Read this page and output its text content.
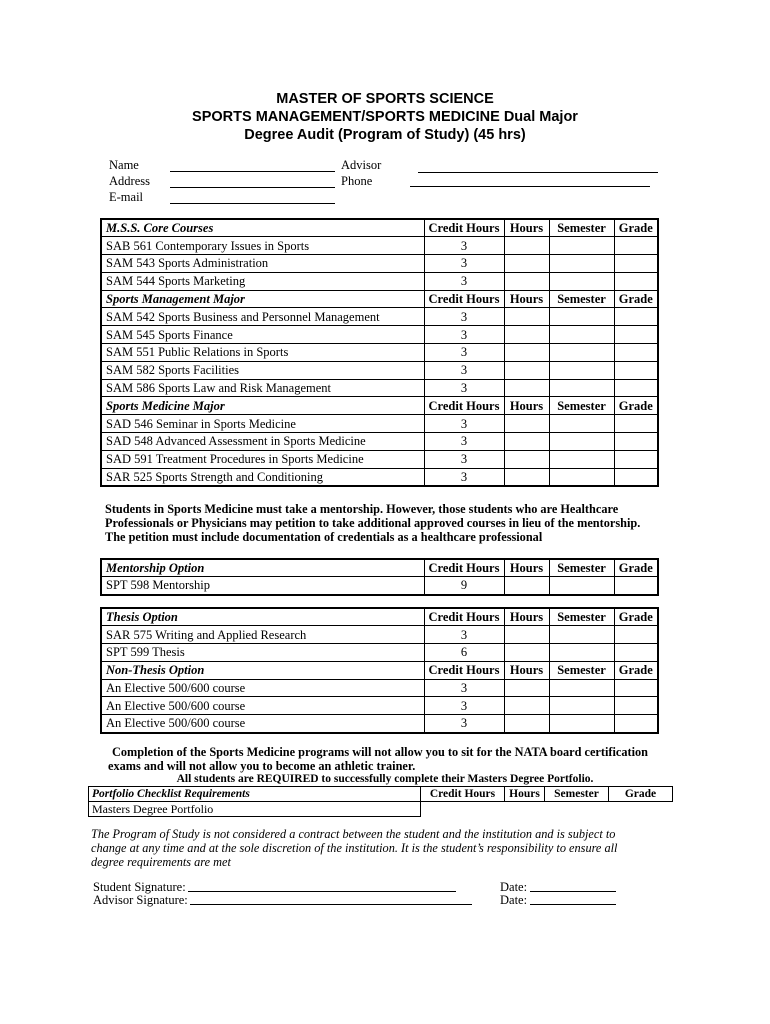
MASTER OF SPORTS SCIENCE
SPORTS MANAGEMENT/SPORTS MEDICINE Dual Major
Degree Audit (Program of Study) (45 hrs)
Name
Address
E-mail
Advisor
Phone
M.S.S. Core Courses	Credit Hours	Hours	Semester	Grade
SAB 561 Contemporary Issues in Sports	3			
SAM 543 Sports Administration	3			
SAM 544 Sports Marketing	3			
Sports Management Major	Credit Hours	Hours	Semester	Grade
SAM 542 Sports Business and Personnel Management	3			
SAM 545 Sports Finance	3			
SAM 551 Public Relations in Sports	3			
SAM 582 Sports Facilities	3			
SAM 586 Sports Law and Risk Management	3			
Sports Medicine Major	Credit Hours	Hours	Semester	Grade
SAD 546 Seminar in Sports Medicine	3			
SAD 548 Advanced Assessment in Sports Medicine	3			
SAD 591 Treatment Procedures in Sports Medicine	3			
SAR 525 Sports Strength and Conditioning	3			
Students in Sports Medicine must take a mentorship. However, those students who are Healthcare
Professionals or Physicians may petition to take additional approved courses in lieu of the mentorship.
The petition must include documentation of credentials as a healthcare professional
Mentorship Option	Credit Hours	Hours	Semester	Grade
SPT 598 Mentorship	9			
Thesis Option	Credit Hours	Hours	Semester	Grade
SAR 575 Writing and Applied Research	3			
SPT 599 Thesis	6			
Non-Thesis Option	Credit Hours	Hours	Semester	Grade
An Elective 500/600 course	3			
An Elective 500/600 course	3			
An Elective 500/600 course	3			
Completion of the Sports Medicine programs will not allow you to sit for the NATA board certification
exams and will not allow you to become an athletic trainer.
All students are REQUIRED to successfully complete their Masters Degree Portfolio.
Portfolio Checklist Requirements	Credit Hours	Hours	Semester	Grade
Masters Degree Portfolio				
The Program of Study is not considered a contract between the student and the institution and is subject to change at any time and at the sole discretion of the institution. It is the student’s responsibility to ensure all degree requirements are met
Student Signature:	Date:
Advisor Signature:	Date:
